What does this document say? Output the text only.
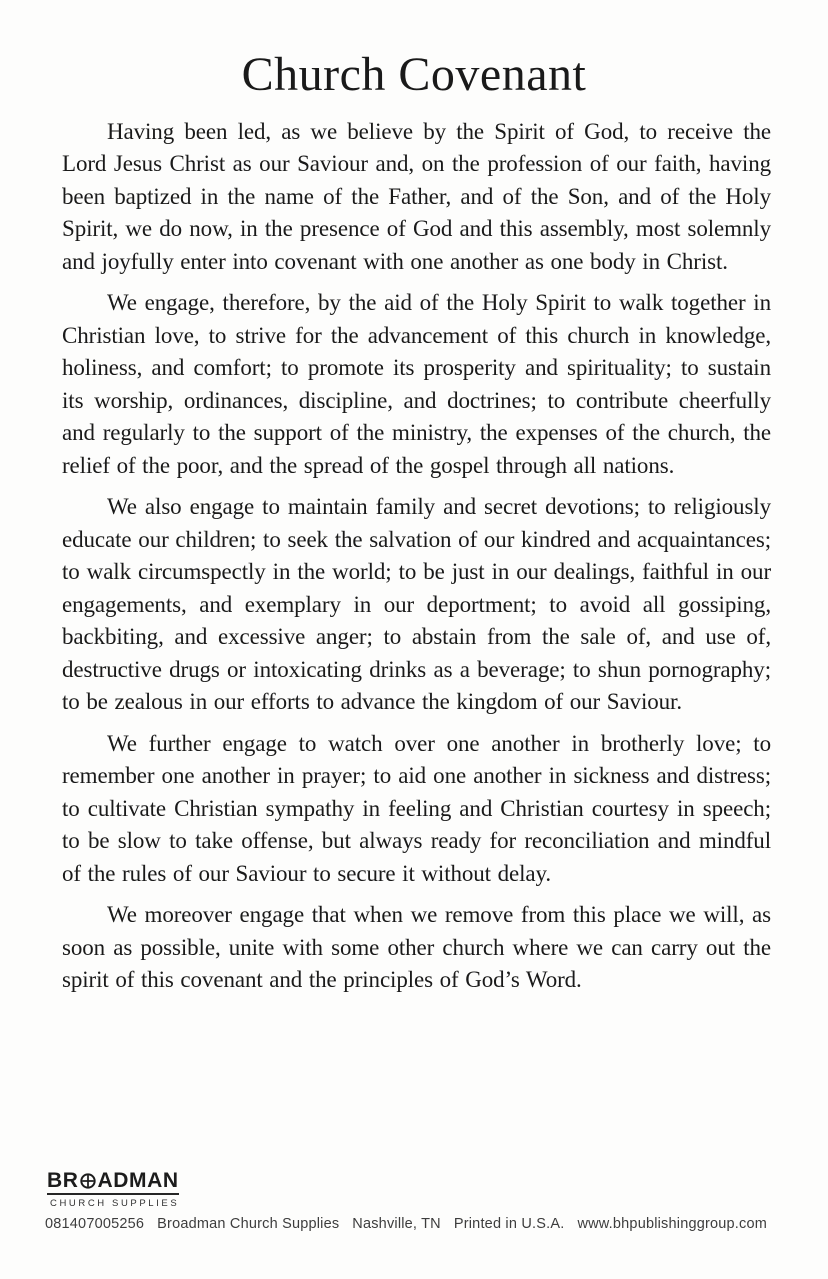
Church Covenant

Having been led, as we believe by the Spirit of God, to receive the Lord Jesus Christ as our Saviour and, on the profession of our faith, having been baptized in the name of the Father, and of the Son, and of the Holy Spirit, we do now, in the presence of God and this assembly, most solemnly and joyfully enter into covenant with one another as one body in Christ.

We engage, therefore, by the aid of the Holy Spirit to walk together in Christian love, to strive for the advancement of this church in knowledge, holiness, and comfort; to promote its prosperity and spirituality; to sustain its worship, ordinances, discipline, and doctrines; to contribute cheerfully and regularly to the support of the ministry, the expenses of the church, the relief of the poor, and the spread of the gospel through all nations.

We also engage to maintain family and secret devotions; to religiously educate our children; to seek the salvation of our kindred and acquaintances; to walk circumspectly in the world; to be just in our dealings, faithful in our engagements, and exemplary in our deportment; to avoid all gossiping, backbiting, and excessive anger; to abstain from the sale of, and use of, destructive drugs or intoxicating drinks as a beverage; to shun pornography; to be zealous in our efforts to advance the kingdom of our Saviour.

We further engage to watch over one another in brotherly love; to remember one another in prayer; to aid one another in sickness and distress; to cultivate Christian sympathy in feeling and Christian courtesy in speech; to be slow to take offense, but always ready for reconciliation and mindful of the rules of our Saviour to secure it without delay.

We moreover engage that when we remove from this place we will, as soon as possible, unite with some other church where we can carry out the spirit of this covenant and the principles of God’s Word.

BR ADMAN
CHURCH SUPPLIES
081407005256 Broadman Church Supplies Nashville, TN Printed in U.S.A. www.bhpublishinggroup.com
